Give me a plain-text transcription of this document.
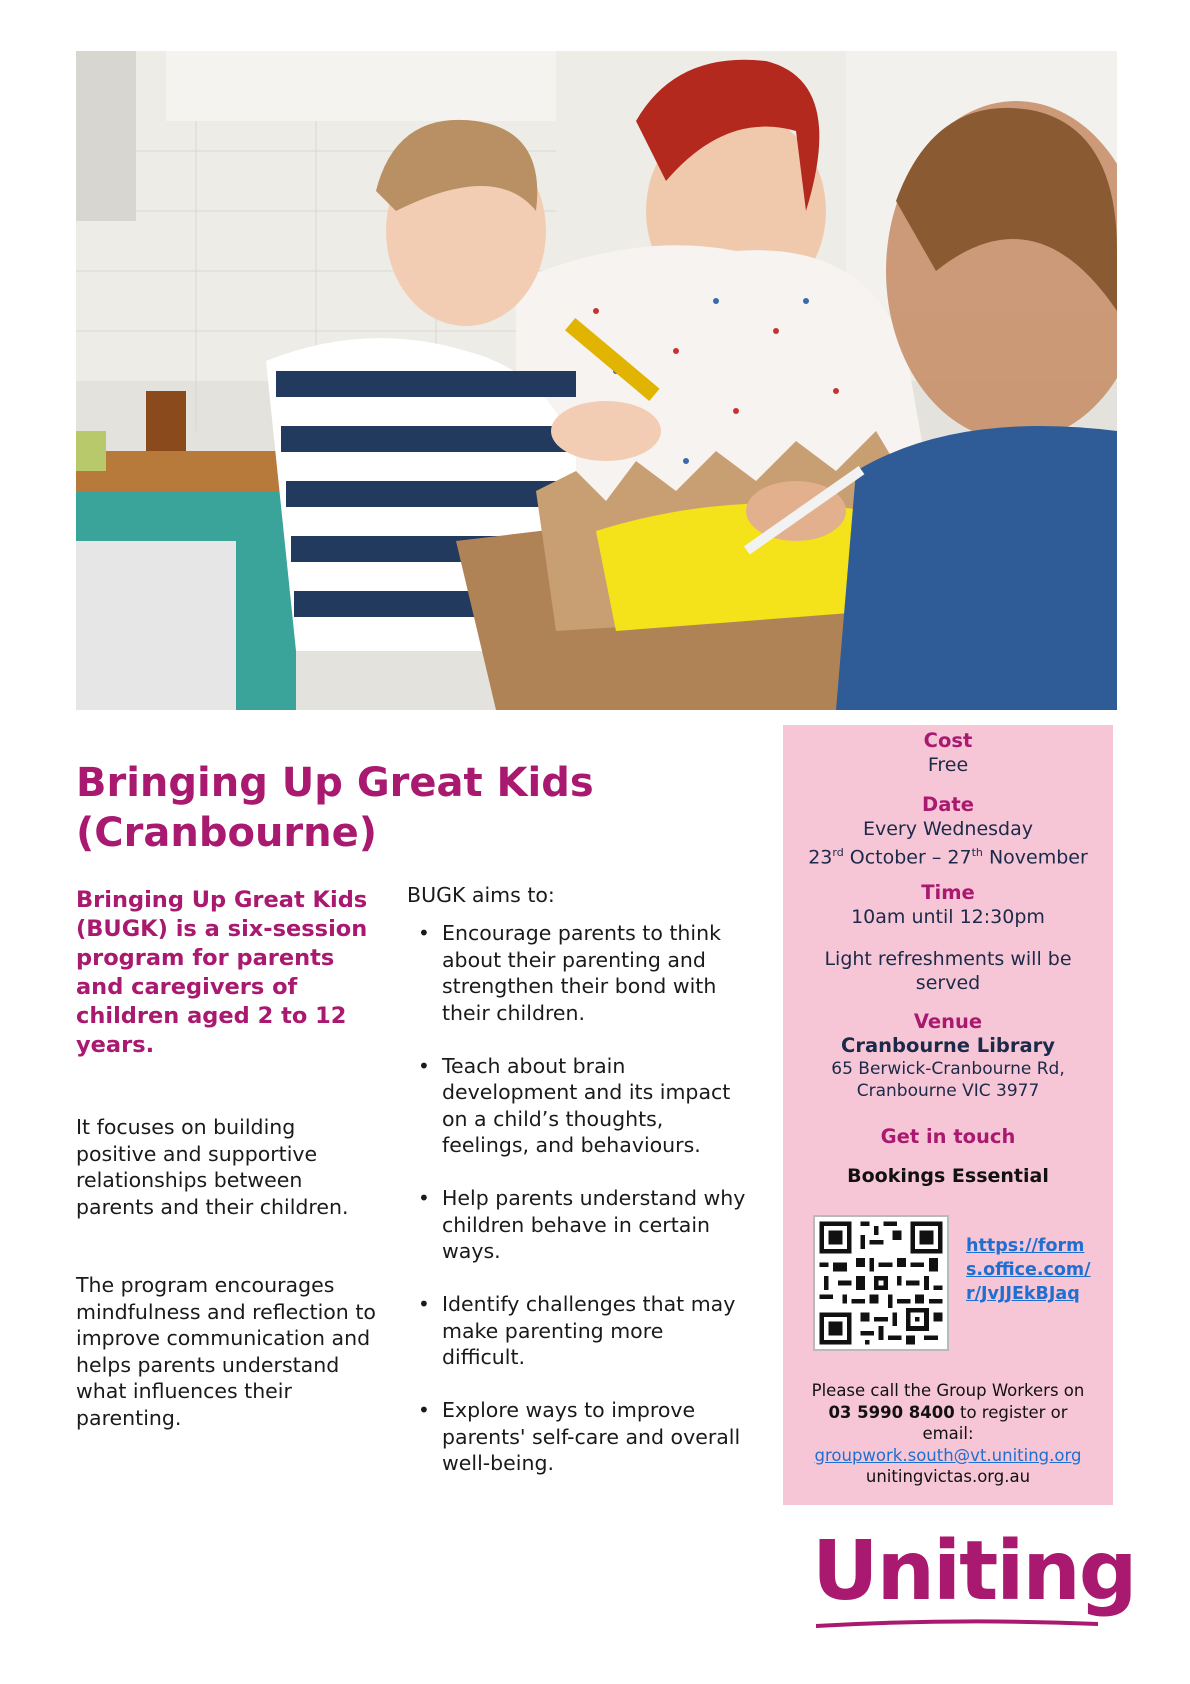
Bringing Up Great Kids
(Cranbourne)

Bringing Up Great Kids (BUGK) is a six-session program for parents and caregivers of children aged 2 to 12 years.

It focuses on building positive and supportive relationships between parents and their children.

The program encourages mindfulness and reflection to improve communication and helps parents understand what influences their parenting.

BUGK aims to:

• Encourage parents to think about their parenting and strengthen their bond with their children.
• Teach about brain development and its impact on a child’s thoughts, feelings, and behaviours.
• Help parents understand why children behave in certain ways.
• Identify challenges that may make parenting more difficult.
• Explore ways to improve parents' self-care and overall well-being.
Cost
Free
Date
Every Wednesday
23rd October – 27th November
Time
10am until 12:30pm
Light refreshments will be served
Venue
Cranbourne Library
65 Berwick-Cranbourne Rd,
Cranbourne VIC 3977
Get in touch
Bookings Essential
https://forms.office.com/r/JvJJEkBJaq
Please call the Group Workers on
03 5990 8400 to register or
email:
groupwork.south@vt.uniting.org
unitingvictas.org.au
Uniting
